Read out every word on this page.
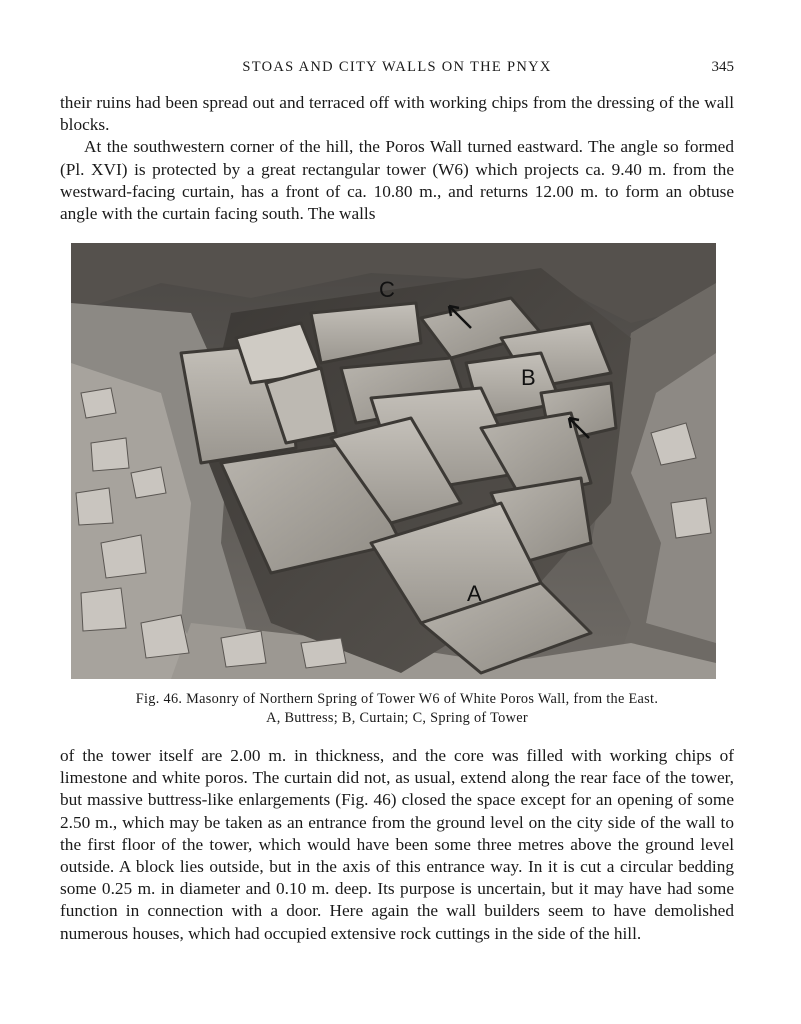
STOAS AND CITY WALLS ON THE PNYX	345

their ruins had been spread out and terraced off with working chips from the dressing of the wall blocks.

At the southwestern corner of the hill, the Poros Wall turned eastward. The angle so formed (Pl. XVI) is protected by a great rectangular tower (W6) which projects ca. 9.40 m. from the westward-facing curtain, has a front of ca. 10.80 m., and returns 12.00 m. to form an obtuse angle with the curtain facing south. The walls

C
B
A
Fig. 46. Masonry of Northern Spring of Tower W6 of White Poros Wall, from the East.
A, Buttress; B, Curtain; C, Spring of Tower

of the tower itself are 2.00 m. in thickness, and the core was filled with working chips of limestone and white poros. The curtain did not, as usual, extend along the rear face of the tower, but massive buttress-like enlargements (Fig. 46) closed the space except for an opening of some 2.50 m., which may be taken as an entrance from the ground level on the city side of the wall to the first floor of the tower, which would have been some three metres above the ground level outside. A block lies outside, but in the axis of this entrance way. In it is cut a circular bedding some 0.25 m. in diameter and 0.10 m. deep. Its purpose is uncertain, but it may have had some function in connection with a door. Here again the wall builders seem to have demolished numerous houses, which had occupied extensive rock cuttings in the side of the hill.
